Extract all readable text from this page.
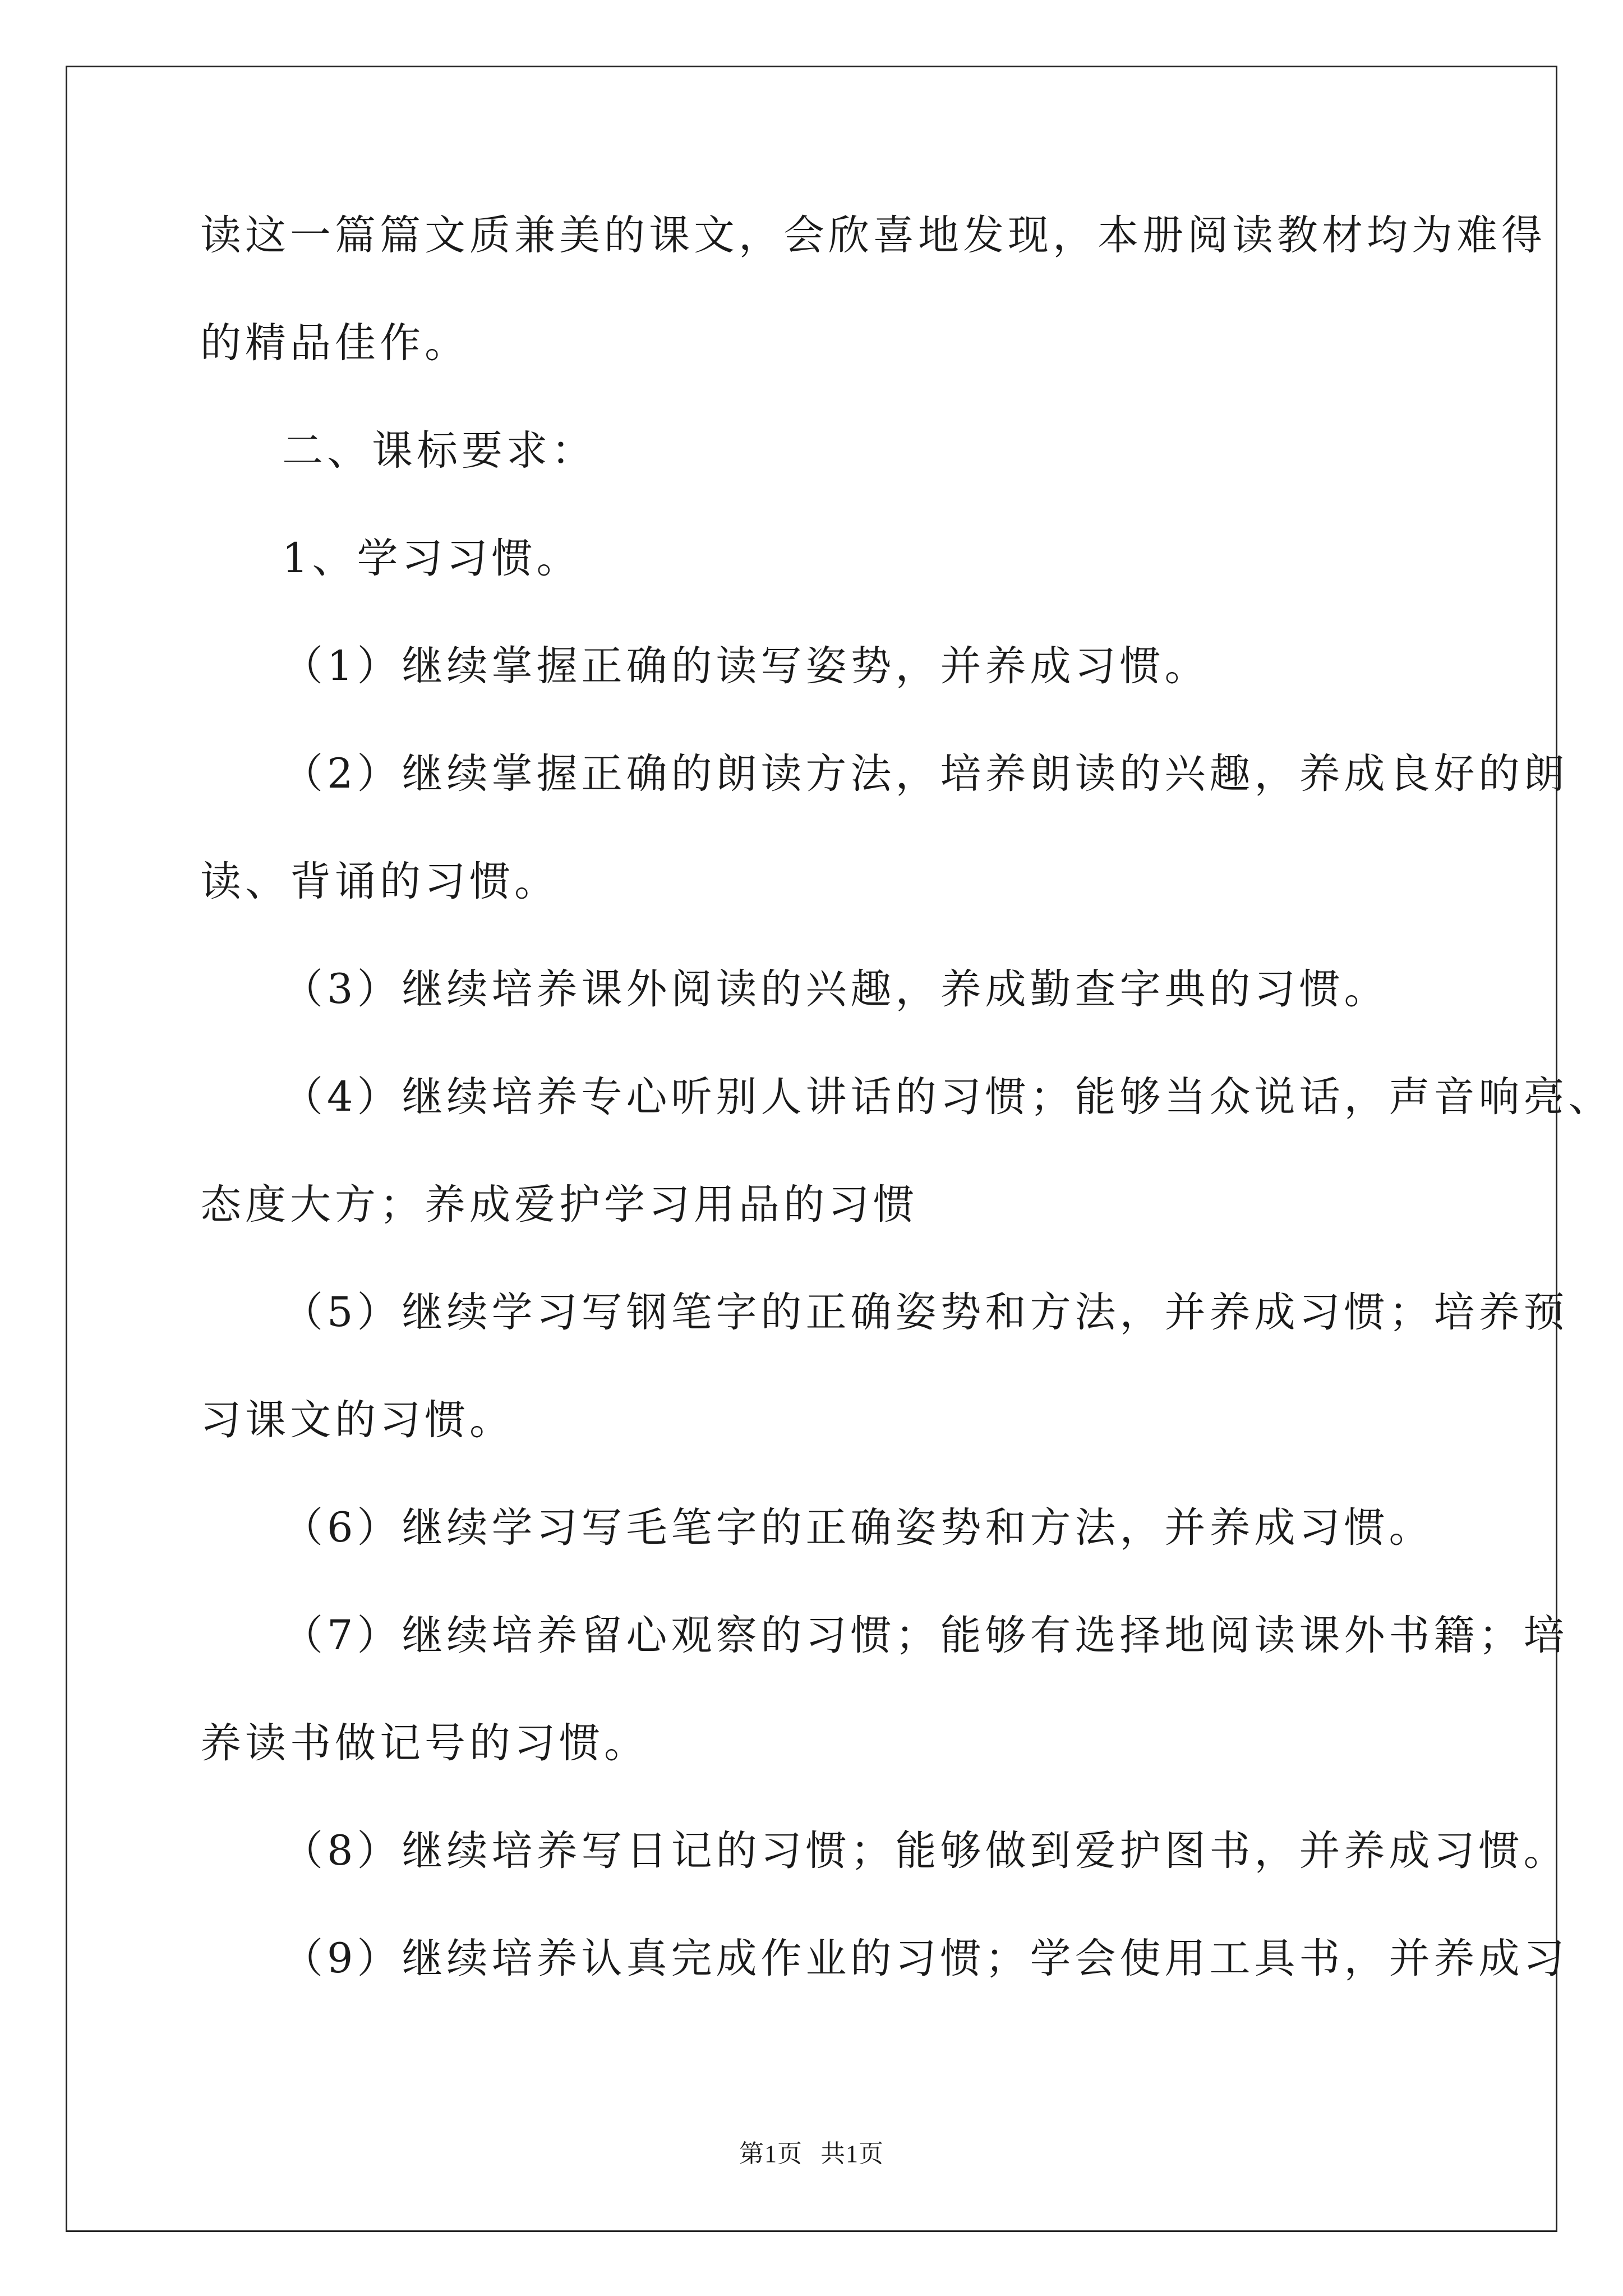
读这一篇篇文质兼美的课文，会欣喜地发现，本册阅读教材均为难得
的精品佳作。
二、课标要求：
1、学习习惯。
（1）继续掌握正确的读写姿势，并养成习惯。
（2）继续掌握正确的朗读方法，培养朗读的兴趣，养成良好的朗
读、背诵的习惯。
（3）继续培养课外阅读的兴趣，养成勤查字典的习惯。
（4）继续培养专心听别人讲话的习惯；能够当众说话，声音响亮、
态度大方；养成爱护学习用品的习惯
（5）继续学习写钢笔字的正确姿势和方法，并养成习惯；培养预
习课文的习惯。
（6）继续学习写毛笔字的正确姿势和方法，并养成习惯。
（7）继续培养留心观察的习惯；能够有选择地阅读课外书籍；培
养读书做记号的习惯。
（8）继续培养写日记的习惯；能够做到爱护图书，并养成习惯。
（9）继续培养认真完成作业的习惯；学会使用工具书，并养成习
第1页 共1页
